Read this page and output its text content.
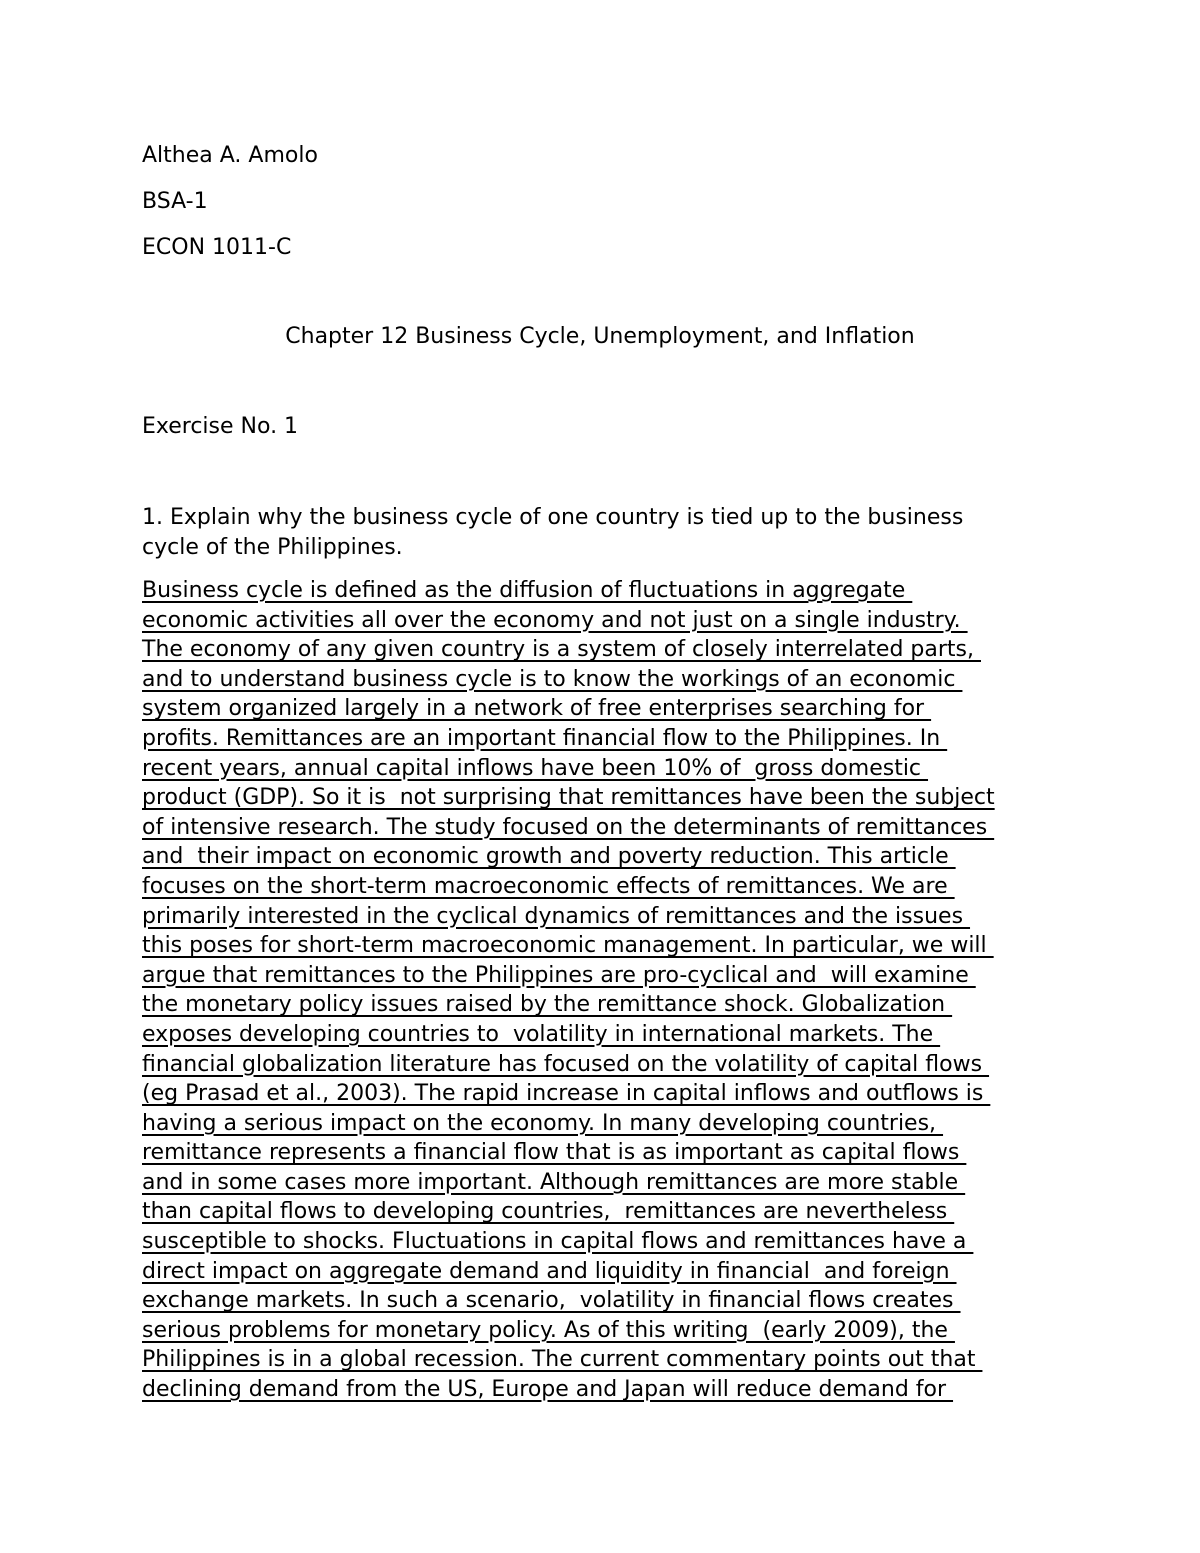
Althea A. Amolo

BSA-1

ECON 1011-C

Chapter 12 Business Cycle, Unemployment, and Inflation

Exercise No. 1

1. Explain why the business cycle of one country is tied up to the business

cycle of the Philippines.

Business cycle is defined as the diffusion of fluctuations in aggregate
economic activities all over the economy and not just on a single industry.
The economy of any given country is a system of closely interrelated parts,
and to understand business cycle is to know the workings of an economic
system organized largely in a network of free enterprises searching for
profits. Remittances are an important financial flow to the Philippines. In
recent years, annual capital inflows have been 10% of  gross domestic
product (GDP). So it is  not surprising that remittances have been the subject
of intensive research. The study focused on the determinants of remittances
and  their impact on economic growth and poverty reduction. This article
focuses on the short-term macroeconomic effects of remittances. We are
primarily interested in the cyclical dynamics of remittances and the issues
this poses for short-term macroeconomic management. In particular, we will
argue that remittances to the Philippines are pro-cyclical and  will examine
the monetary policy issues raised by the remittance shock. Globalization
exposes developing countries to  volatility in international markets. The
financial globalization literature has focused on the volatility of capital flows
(eg Prasad et al., 2003). The rapid increase in capital inflows and outflows is
having a serious impact on the economy. In many developing countries,
remittance represents a financial flow that is as important as capital flows
and in some cases more important. Although remittances are more stable
than capital flows to developing countries,  remittances are nevertheless
susceptible to shocks. Fluctuations in capital flows and remittances have a
direct impact on aggregate demand and liquidity in financial  and foreign
exchange markets. In such a scenario,  volatility in financial flows creates
serious problems for monetary policy. As of this writing  (early 2009), the
Philippines is in a global recession. The current commentary points out that
declining demand from the US, Europe and Japan will reduce demand for
